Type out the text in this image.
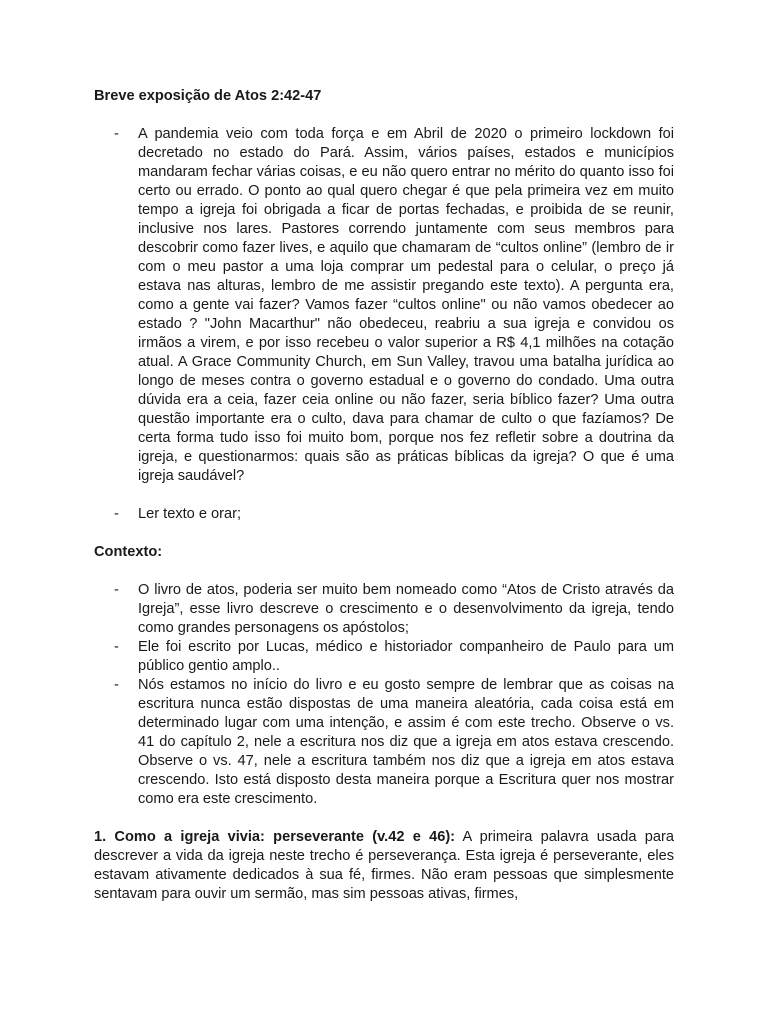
Breve exposição de Atos 2:42-47

- A pandemia veio com toda força e em Abril de 2020 o primeiro lockdown foi decretado no estado do Pará. Assim, vários países, estados e municípios mandaram fechar várias coisas, e eu não quero entrar no mérito do quanto isso foi certo ou errado. O ponto ao qual quero chegar é que pela primeira vez em muito tempo a igreja foi obrigada a ficar de portas fechadas, e proibida de se reunir, inclusive nos lares. Pastores correndo juntamente com seus membros para descobrir como fazer lives, e aquilo que chamaram de “cultos online” (lembro de ir com o meu pastor a uma loja comprar um pedestal para o celular, o preço já estava nas alturas, lembro de me assistir pregando este texto). A pergunta era, como a gente vai fazer? Vamos fazer “cultos online" ou não vamos obedecer ao estado ? "John Macarthur" não obedeceu, reabriu a sua igreja e convidou os irmãos a virem, e por isso recebeu o valor superior a R$ 4,1 milhões na cotação atual. A Grace Community Church, em Sun Valley, travou uma batalha jurídica ao longo de meses contra o governo estadual e o governo do condado. Uma outra dúvida era a ceia, fazer ceia online ou não fazer, seria bíblico fazer? Uma outra questão importante era o culto, dava para chamar de culto o que fazíamos? De certa forma tudo isso foi muito bom, porque nos fez refletir sobre a doutrina da igreja, e questionarmos: quais são as práticas bíblicas da igreja? O que é uma igreja saudável?
- Ler texto e orar;

Contexto:

- O livro de atos, poderia ser muito bem nomeado como “Atos de Cristo através da Igreja”, esse livro descreve o crescimento e o desenvolvimento da igreja, tendo como grandes personagens os apóstolos;
- Ele foi escrito por Lucas, médico e historiador companheiro de Paulo para um público gentio amplo..
- Nós estamos no início do livro e eu gosto sempre de lembrar que as coisas na escritura nunca estão dispostas de uma maneira aleatória, cada coisa está em determinado lugar com uma intenção, e assim é com este trecho. Observe o vs. 41 do capítulo 2, nele a escritura nos diz que a igreja em atos estava crescendo. Observe o vs. 47, nele a escritura também nos diz que a igreja em atos estava crescendo. Isto está disposto desta maneira porque a Escritura quer nos mostrar como era este crescimento.

1. Como a igreja vivia: perseverante (v.42 e 46): A primeira palavra usada para descrever a vida da igreja neste trecho é perseverança. Esta igreja é perseverante, eles estavam ativamente dedicados à sua fé, firmes. Não eram pessoas que simplesmente sentavam para ouvir um sermão, mas sim pessoas ativas, firmes,
